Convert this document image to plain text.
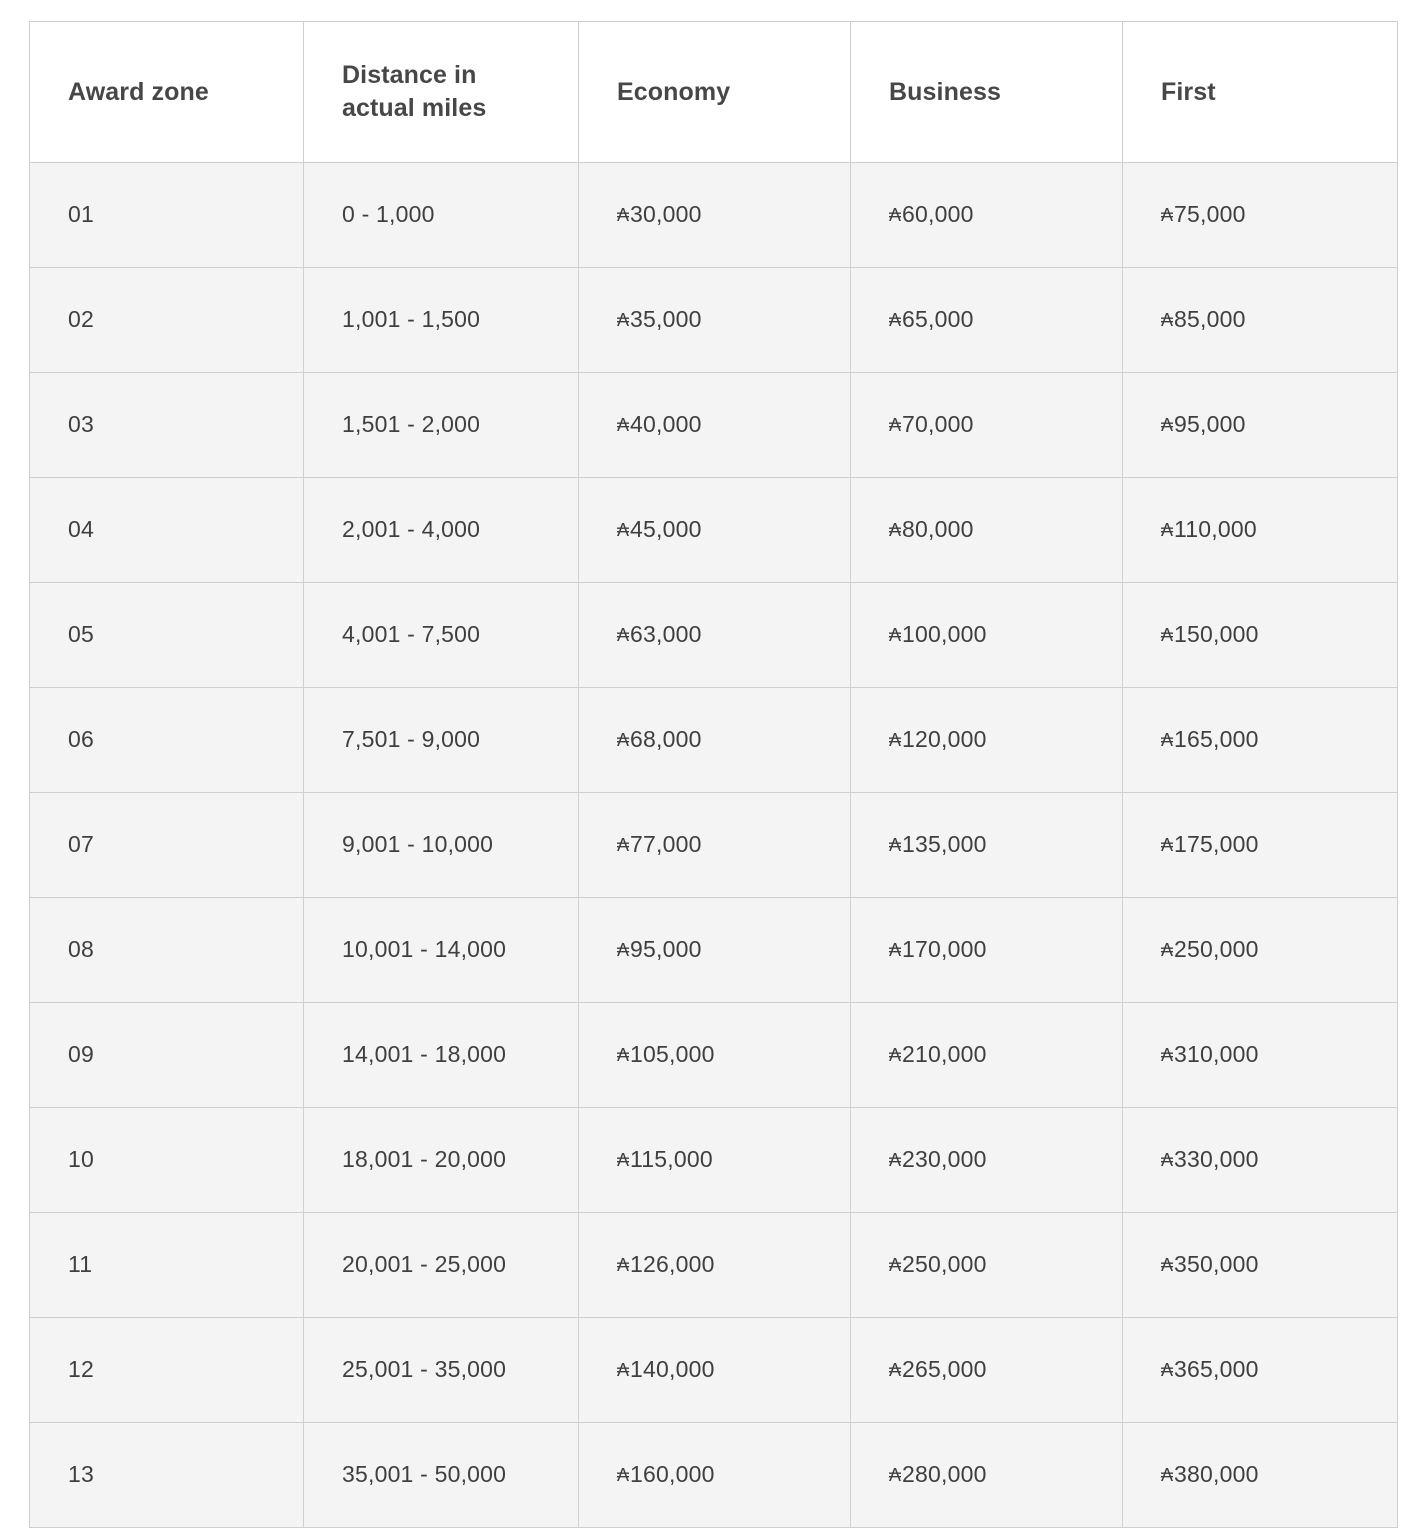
Award zone	Distance in
actual miles	Economy	Business	First
01	0 - 1,000	₳30,000	₳60,000	₳75,000
02	1,001 - 1,500	₳35,000	₳65,000	₳85,000
03	1,501 - 2,000	₳40,000	₳70,000	₳95,000
04	2,001 - 4,000	₳45,000	₳80,000	₳110,000
05	4,001 - 7,500	₳63,000	₳100,000	₳150,000
06	7,501 - 9,000	₳68,000	₳120,000	₳165,000
07	9,001 - 10,000	₳77,000	₳135,000	₳175,000
08	10,001 - 14,000	₳95,000	₳170,000	₳250,000
09	14,001 - 18,000	₳105,000	₳210,000	₳310,000
10	18,001 - 20,000	₳115,000	₳230,000	₳330,000
11	20,001 - 25,000	₳126,000	₳250,000	₳350,000
12	25,001 - 35,000	₳140,000	₳265,000	₳365,000
13	35,001 - 50,000	₳160,000	₳280,000	₳380,000
